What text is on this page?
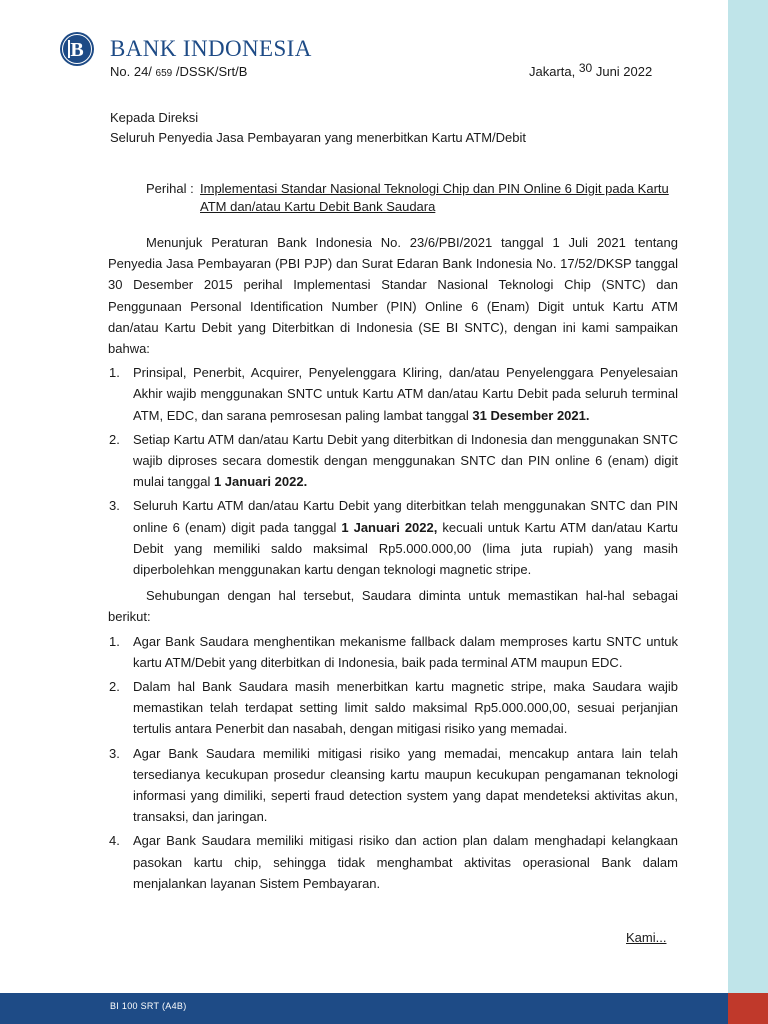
B BANK INDONESIA
No. 24/ 659 /DSSK/Srt/B	Jakarta, 30 Juni 2022
Kepada Direksi
Seluruh Penyedia Jasa Pembayaran yang menerbitkan Kartu ATM/Debit
Perihal : Implementasi Standar Nasional Teknologi Chip dan PIN Online 6 Digit pada Kartu ATM dan/atau Kartu Debit Bank Saudara

Menunjuk Peraturan Bank Indonesia No. 23/6/PBI/2021 tanggal 1 Juli 2021 tentang Penyedia Jasa Pembayaran (PBI PJP) dan Surat Edaran Bank Indonesia No. 17/52/DKSP tanggal 30 Desember 2015 perihal Implementasi Standar Nasional Teknologi Chip (SNTC) dan Penggunaan Personal Identification Number (PIN) Online 6 (Enam) Digit untuk Kartu ATM dan/atau Kartu Debit yang Diterbitkan di Indonesia (SE BI SNTC), dengan ini kami sampaikan bahwa:

1. Prinsipal, Penerbit, Acquirer, Penyelenggara Kliring, dan/atau Penyelenggara Penyelesaian Akhir wajib menggunakan SNTC untuk Kartu ATM dan/atau Kartu Debit pada seluruh terminal ATM, EDC, dan sarana pemrosesan paling lambat tanggal 31 Desember 2021.
2. Setiap Kartu ATM dan/atau Kartu Debit yang diterbitkan di Indonesia dan menggunakan SNTC wajib diproses secara domestik dengan menggunakan SNTC dan PIN online 6 (enam) digit mulai tanggal 1 Januari 2022.
3. Seluruh Kartu ATM dan/atau Kartu Debit yang diterbitkan telah menggunakan SNTC dan PIN online 6 (enam) digit pada tanggal 1 Januari 2022, kecuali untuk Kartu ATM dan/atau Kartu Debit yang memiliki saldo maksimal Rp5.000.000,00 (lima juta rupiah) yang masih diperbolehkan menggunakan kartu dengan teknologi magnetic stripe.

Sehubungan dengan hal tersebut, Saudara diminta untuk memastikan hal-hal sebagai berikut:

1. Agar Bank Saudara menghentikan mekanisme fallback dalam memproses kartu SNTC untuk kartu ATM/Debit yang diterbitkan di Indonesia, baik pada terminal ATM maupun EDC.
2. Dalam hal Bank Saudara masih menerbitkan kartu magnetic stripe, maka Saudara wajib memastikan telah terdapat setting limit saldo maksimal Rp5.000.000,00, sesuai perjanjian tertulis antara Penerbit dan nasabah, dengan mitigasi risiko yang memadai.
3. Agar Bank Saudara memiliki mitigasi risiko yang memadai, mencakup antara lain telah tersedianya kecukupan prosedur cleansing kartu maupun kecukupan pengamanan teknologi informasi yang dimiliki, seperti fraud detection system yang dapat mendeteksi aktivitas akun, transaksi, dan jaringan.
4. Agar Bank Saudara memiliki mitigasi risiko dan action plan dalam menghadapi kelangkaan pasokan kartu chip, sehingga tidak menghambat aktivitas operasional Bank dalam menjalankan layanan Sistem Pembayaran.
Kami...
BI 100 SRT (A4B)
